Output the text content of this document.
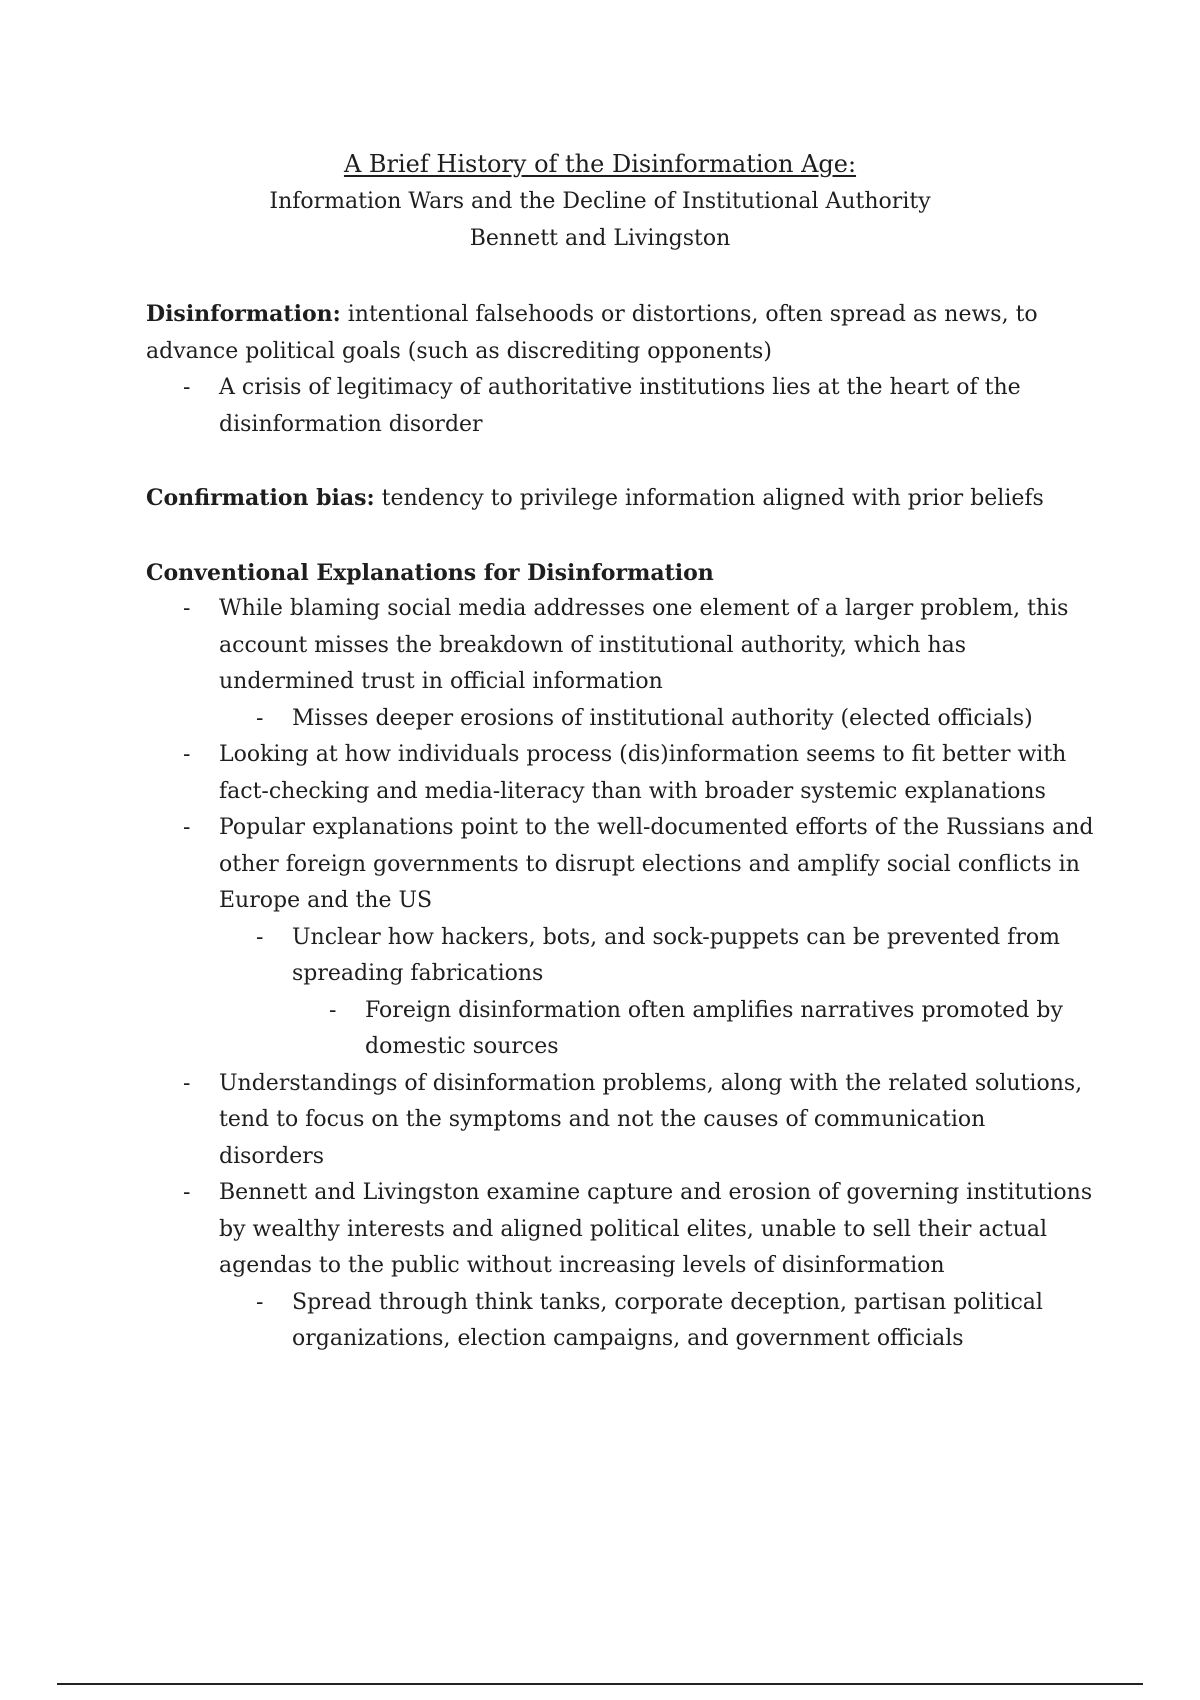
A Brief History of the Disinformation Age:
Information Wars and the Decline of Institutional Authority
Bennett and Livingston

Disinformation: intentional falsehoods or distortions, often spread as news, to advance political goals (such as discrediting opponents)

- A crisis of legitimacy of authoritative institutions lies at the heart of the disinformation disorder

Confirmation bias: tendency to privilege information aligned with prior beliefs

Conventional Explanations for Disinformation

- While blaming social media addresses one element of a larger problem, this account misses the breakdown of institutional authority, which has undermined trust in official information
- Misses deeper erosions of institutional authority (elected officials)
- Looking at how individuals process (dis)information seems to fit better with fact-checking and media-literacy than with broader systemic explanations
- Popular explanations point to the well-documented efforts of the Russians and other foreign governments to disrupt elections and amplify social conflicts in Europe and the US
- Unclear how hackers, bots, and sock-puppets can be prevented from spreading fabrications
- Foreign disinformation often amplifies narratives promoted by domestic sources
- Understandings of disinformation problems, along with the related solutions, tend to focus on the symptoms and not the causes of communication disorders
- Bennett and Livingston examine capture and erosion of governing institutions by wealthy interests and aligned political elites, unable to sell their actual agendas to the public without increasing levels of disinformation
- Spread through think tanks, corporate deception, partisan political organizations, election campaigns, and government officials
